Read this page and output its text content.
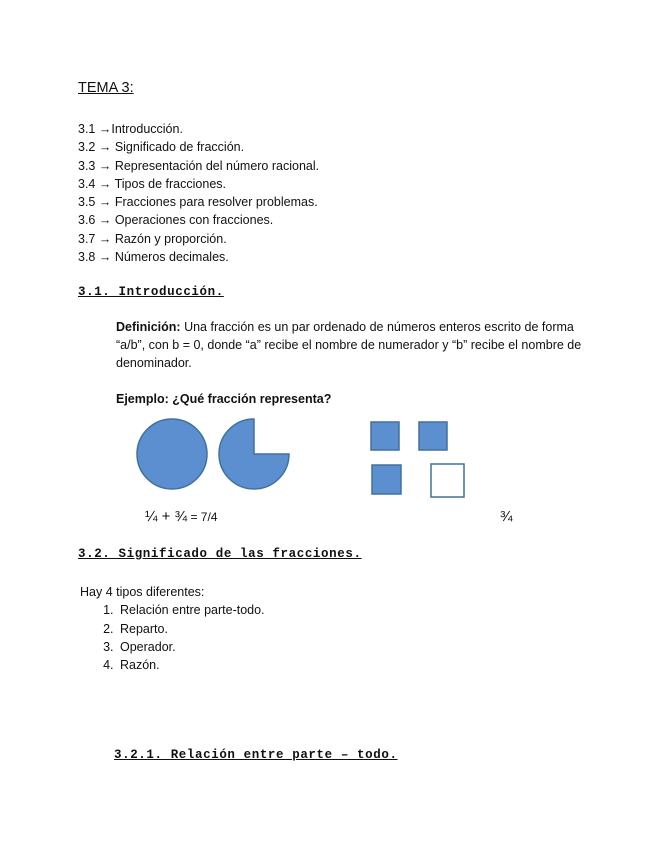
TEMA 3:
3.1 →Introducción.
3.2 → Significado de fracción.
3.3 → Representación del número racional.
3.4 → Tipos de fracciones.
3.5 → Fracciones para resolver problemas.
3.6 → Operaciones con fracciones.
3.7 → Razón y proporción.
3.8 → Números decimales.
3.1. Introducción.
Definición: Una fracción es un par ordenado de números enteros escrito de forma “a/b”, con b = 0, donde “a” recibe el nombre de numerador y “b” recibe el nombre de denominador.
Ejemplo: ¿Qué fracción representa?
¼ + ¾ = 7/4	¾
3.2. Significado de las fracciones.
Hay 4 tipos diferentes:
1. Relación entre parte-todo.
2. Reparto.
3. Operador.
4. Razón.
3.2.1. Relación entre parte – todo.
